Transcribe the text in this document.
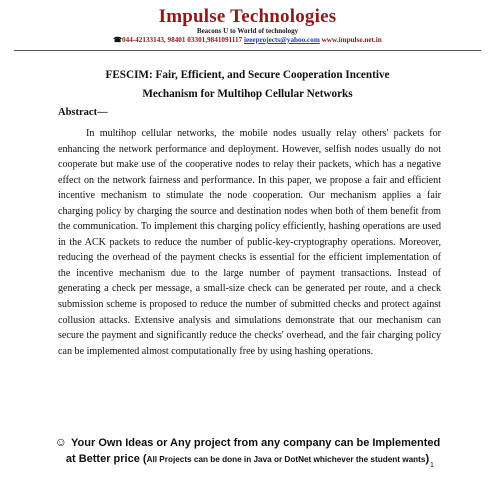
Impulse Technologies
Beacons U to World of technology
☎044-42133143, 98401 03301,9841091117 ieeeprojects@yahoo.com www.impulse.net.in
FESCIM: Fair, Efficient, and Secure Cooperation Incentive
Mechanism for Multihop Cellular Networks
Abstract—

In multihop cellular networks, the mobile nodes usually relay others' packets for enhancing the network performance and deployment. However, selfish nodes usually do not cooperate but make use of the cooperative nodes to relay their packets, which has a negative effect on the network fairness and performance. In this paper, we propose a fair and efficient incentive mechanism to stimulate the node cooperation. Our mechanism applies a fair charging policy by charging the source and destination nodes when both of them benefit from the communication. To implement this charging policy efficiently, hashing operations are used in the ACK packets to reduce the number of public-key-cryptography operations. Moreover, reducing the overhead of the payment checks is essential for the efficient implementation of the incentive mechanism due to the large number of payment transactions. Instead of generating a check per message, a small-size check can be generated per route, and a check submission scheme is proposed to reduce the number of submitted checks and protect against collusion attacks. Extensive analysis and simulations demonstrate that our mechanism can secure the payment and significantly reduce the checks' overhead, and the fair charging policy can be implemented almost computationally free by using hashing operations.

☺ Your Own Ideas or Any project from any company can be Implemented
at Better price (All Projects can be done in Java or DotNet whichever the student wants)
1
